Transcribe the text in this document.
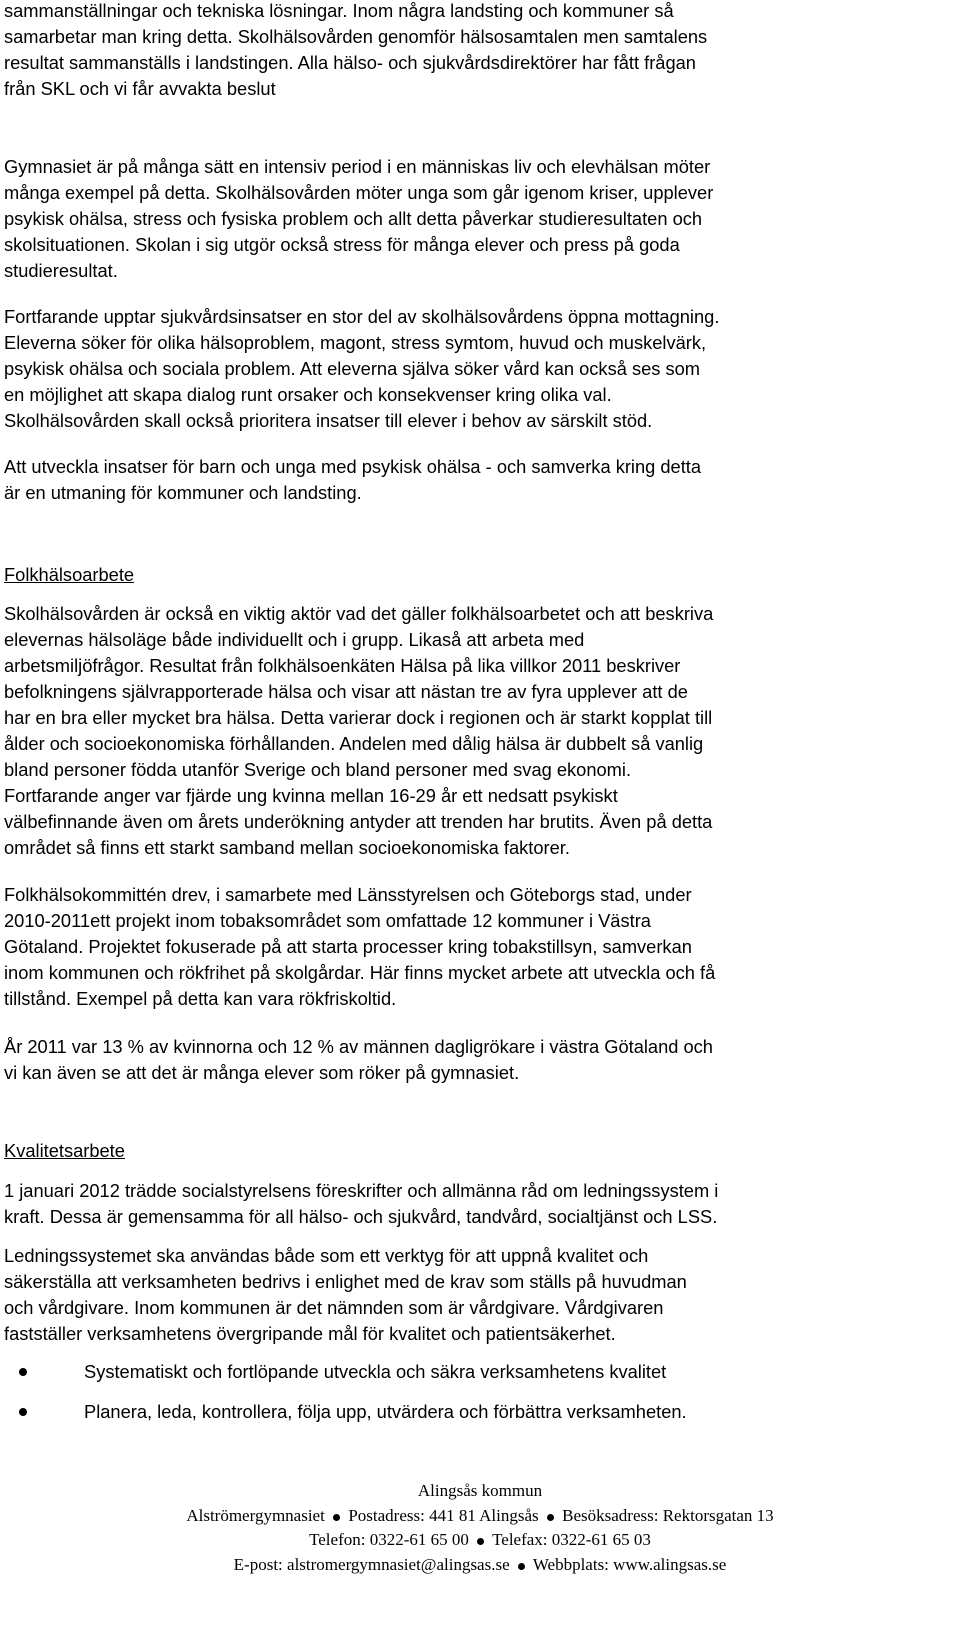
sammanställningar och tekniska lösningar. Inom några landsting och kommuner så
samarbetar man kring detta. Skolhälsovården genomför hälsosamtalen men samtalens
resultat sammanställs i landstingen. Alla hälso- och sjukvårdsdirektörer har fått frågan
från SKL och vi får avvakta beslut
Gymnasiet är på många sätt en intensiv period i en människas liv och elevhälsan möter
många exempel på detta. Skolhälsovården möter unga som går igenom kriser, upplever
psykisk ohälsa, stress och fysiska problem och allt detta påverkar studieresultaten och
skolsituationen. Skolan i sig utgör också stress för många elever och press på goda
studieresultat.
Fortfarande upptar sjukvårdsinsatser en stor del av skolhälsovårdens öppna mottagning.
Eleverna söker för olika hälsoproblem, magont, stress symtom, huvud och muskelvärk,
psykisk ohälsa och sociala problem. Att eleverna själva söker vård kan också ses som
en möjlighet att skapa dialog runt orsaker och konsekvenser kring olika val.
Skolhälsovården skall också prioritera insatser till elever i behov av särskilt stöd.
Att utveckla insatser för barn och unga med psykisk ohälsa - och samverka kring detta
är en utmaning för kommuner och landsting.
Folkhälsoarbete
Skolhälsovården är också en viktig aktör vad det gäller folkhälsoarbetet och att beskriva
elevernas hälsoläge både individuellt och i grupp. Likaså att arbeta med
arbetsmiljöfrågor. Resultat från folkhälsoenkäten Hälsa på lika villkor 2011 beskriver
befolkningens självrapporterade hälsa och visar att nästan tre av fyra upplever att de
har en bra eller mycket bra hälsa. Detta varierar dock i regionen och är starkt kopplat till
ålder och socioekonomiska förhållanden. Andelen med dålig hälsa är dubbelt så vanlig
bland personer födda utanför Sverige och bland personer med svag ekonomi.
Fortfarande anger var fjärde ung kvinna mellan 16-29 år ett nedsatt psykiskt
välbefinnande även om årets underökning antyder att trenden har brutits. Även på detta
området så finns ett starkt samband mellan socioekonomiska faktorer.
Folkhälsokommittén drev, i samarbete med Länsstyrelsen och Göteborgs stad, under
2010-2011ett projekt inom tobaksområdet som omfattade 12 kommuner i Västra
Götaland. Projektet fokuserade på att starta processer kring tobakstillsyn, samverkan
inom kommunen och rökfrihet på skolgårdar. Här finns mycket arbete att utveckla och få
tillstånd. Exempel på detta kan vara rökfriskoltid.
År 2011 var 13 % av kvinnorna och 12 % av männen dagligrökare i västra Götaland och
vi kan även se att det är många elever som röker på gymnasiet.
Kvalitetsarbete
1 januari 2012 trädde socialstyrelsens föreskrifter och allmänna råd om ledningssystem i
kraft. Dessa är gemensamma för all hälso- och sjukvård, tandvård, socialtjänst och LSS.
Ledningssystemet ska användas både som ett verktyg för att uppnå kvalitet och
säkerställa att verksamheten bedrivs i enlighet med de krav som ställs på huvudman
och vårdgivare. Inom kommunen är det nämnden som är vårdgivare. Vårdgivaren
fastställer verksamhetens övergripande mål för kvalitet och patientsäkerhet.
Systematiskt och fortlöpande utveckla och säkra verksamhetens kvalitet
Planera, leda, kontrollera, följa upp, utvärdera och förbättra verksamheten.
Alingsås kommun
Alströmergymnasiet Postadress: 441 81 Alingsås Besöksadress: Rektorsgatan 13
Telefon: 0322-61 65 00 Telefax: 0322-61 65 03
E-post: alstromergymnasiet@alingsas.se Webbplats: www.alingsas.se
